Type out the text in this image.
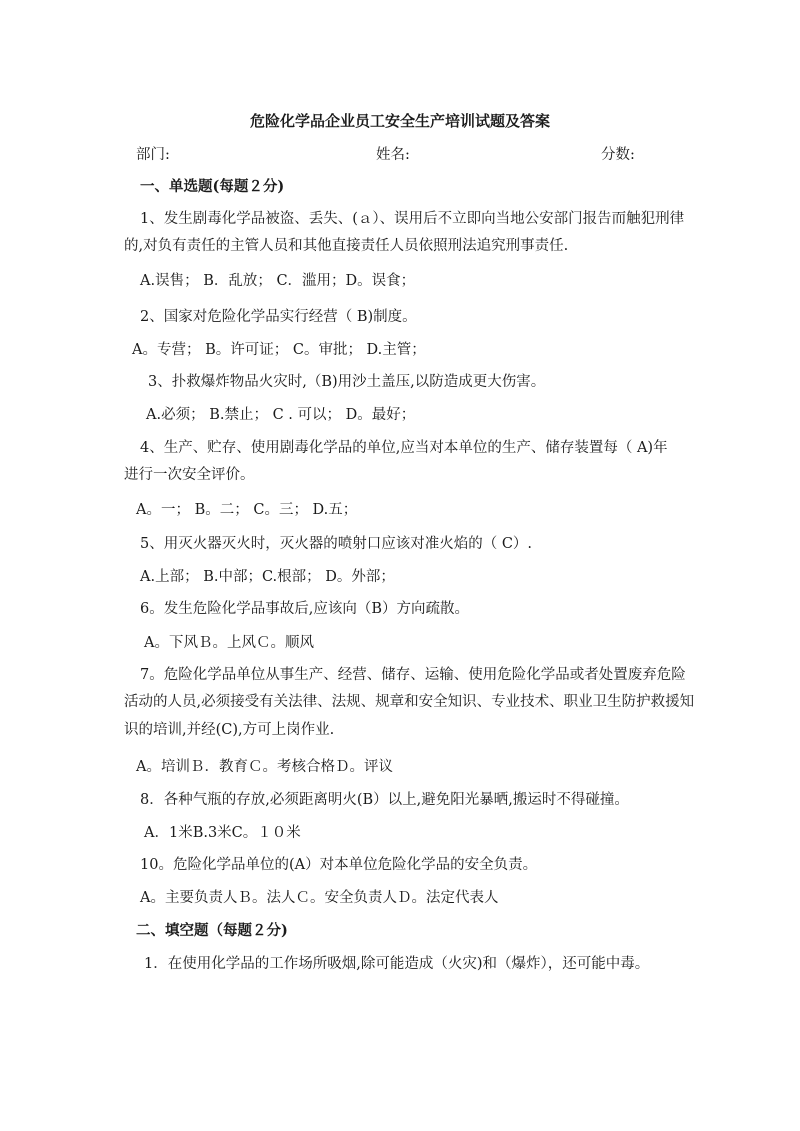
危险化学品企业员工安全生产培训试题及答案
部门:	姓名:	分数:
一、单选题(每题２分)
1、发生剧毒化学品被盗、丢失、(ａ）、误用后不立即向当地公安部门报告而触犯刑律
的,对负有责任的主管人员和其他直接责任人员依照刑法追究刑事责任.
A.误售； B．乱放； C．滥用；D。误食；
2、国家对危险化学品实行经营（ B)制度。
A。专营； B。许可证； C。审批； D.主管；
3、扑救爆炸物品火灾时,（B)用沙土盖压,以防造成更大伤害。
A.必须； B.禁止； C . 可以； D。最好；
4、生产、贮存、使用剧毒化学品的单位,应当对本单位的生产、储存装置每（ A)年
进行一次安全评价。
A。一； B。二； C。三； D.五；
5、用灭火器灭火时，灭火器的喷射口应该对准火焰的（ C）.
A.上部； B.中部；C.根部； D。外部；
6。发生危险化学品事故后,应该向（B）方向疏散。
A。下风Ｂ。上风Ｃ。顺风
7。危险化学品单位从事生产、经营、储存、运输、使用危险化学品或者处置废弃危险
活动的人员,必须接受有关法律、法规、规章和安全知识、专业技术、职业卫生防护救援知
识的培训,并经(C),方可上岗作业.
A。培训Ｂ．教育Ｃ。考核合格Ｄ。评议
8．各种气瓶的存放,必须距离明火(B）以上,避免阳光暴晒,搬运时不得碰撞。
A．1米B.3米C。１０米
10。危险化学品单位的(A）对本单位危险化学品的安全负责。
A。主要负责人Ｂ。法人Ｃ。安全负责人Ｄ。法定代表人
二、填空题（每题２分)
1．在使用化学品的工作场所吸烟,除可能造成（火灾)和（爆炸），还可能中毒。
